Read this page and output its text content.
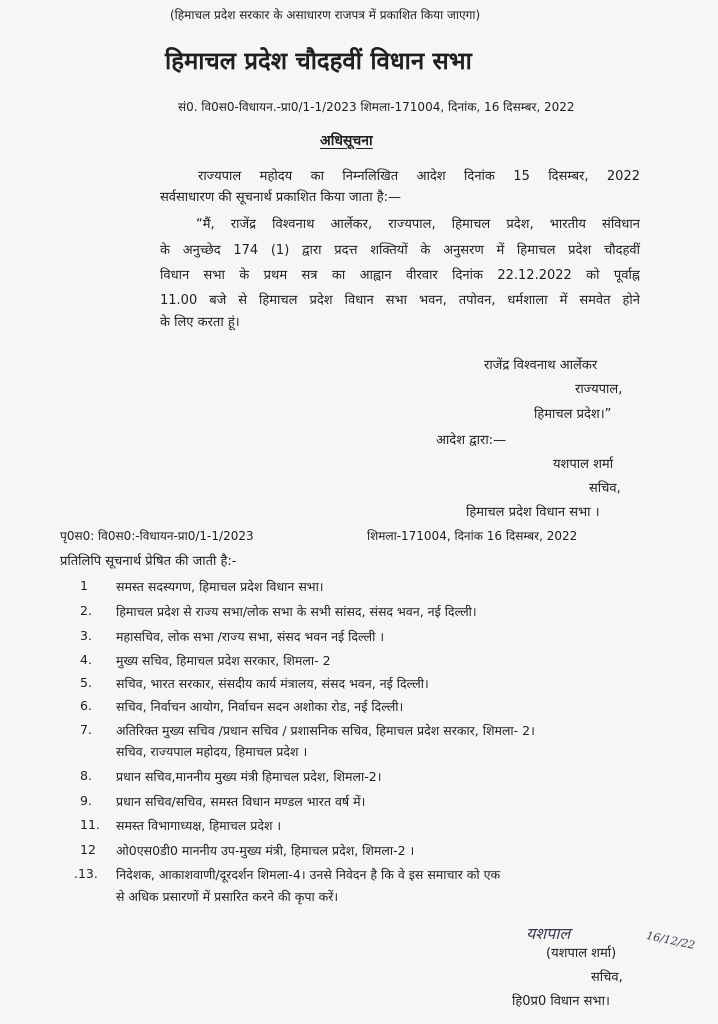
(हिमाचल प्रदेश सरकार के असाधारण राजपत्र में प्रकाशित किया जाएगा)
हिमाचल प्रदेश चौदहवीं विधान सभा
सं0. वि0स0-विधायन.-प्रा0/1-1/2023 शिमला-171004, दिनांक, 16 दिसम्बर, 2022
अधिसूचना
राज्यपाल महोदय का निम्नलिखित आदेश दिनांक 15 दिसम्बर, 2022
सर्वसाधारण की सूचनार्थ प्रकाशित किया जाता है:—
“मैं, राजेंद्र विश्वनाथ आर्लेकर, राज्यपाल, हिमाचल प्रदेश, भारतीय संविधान
के अनुच्छेद 174 (1) द्वारा प्रदत्त शक्तियों के अनुसरण में हिमाचल प्रदेश चौदहवीं
विधान सभा के प्रथम सत्र का आह्वान वीरवार दिनांक 22.12.2022 को पूर्वाह्न
11.00 बजे से हिमाचल प्रदेश विधान सभा भवन, तपोवन, धर्मशाला में समवेत होने
के लिए करता हूं।
राजेंद्र विश्वनाथ आर्लेकर
राज्यपाल,
हिमाचल प्रदेश।”
आदेश द्वारा:—
यशपाल शर्मा
सचिव,
हिमाचल प्रदेश विधान सभा ।
पृ0स0: वि0स0:-विधायन-प्रा0/1-1/2023	शिमला-171004, दिनांक 16 दिसम्बर, 2022
प्रतिलिपि सूचनार्थ प्रेषित की जाती है:-
1 समस्त सदस्यगण, हिमाचल प्रदेश विधान सभा।
2. हिमाचल प्रदेश से राज्य सभा/लोक सभा के सभी सांसद, संसद भवन, नई दिल्ली।
3. महासचिव, लोक सभा /राज्य सभा, संसद भवन नई दिल्ली ।
4. मुख्य सचिव, हिमाचल प्रदेश सरकार, शिमला- 2
5. सचिव, भारत सरकार, संसदीय कार्य मंत्रालय, संसद भवन, नई दिल्ली।
6. सचिव, निर्वाचन आयोग, निर्वाचन सदन अशोका रोड, नई दिल्ली।
7. अतिरिक्त मुख्य सचिव /प्रधान सचिव / प्रशासनिक सचिव, हिमाचल प्रदेश सरकार, शिमला- 2।
सचिव, राज्यपाल महोदय, हिमाचल प्रदेश ।
8. प्रधान सचिव,माननीय मुख्य मंत्री हिमाचल प्रदेश, शिमला-2।
9. प्रधान सचिव/सचिव, समस्त विधान मण्डल भारत वर्ष में।
11. समस्त विभागाध्यक्ष, हिमाचल प्रदेश ।
12 ओ0एस0डी0 माननीय उप-मुख्य मंत्री, हिमाचल प्रदेश, शिमला-2 ।
.13. निदेशक, आकाशवाणी/दूरदर्शन शिमला-4। उनसे निवेदन है कि वे इस समाचार को एक
से अधिक प्रसारणों में प्रसारित करने की कृपा करें।
यशपाल	16/12/22
(यशपाल शर्मा)
सचिव,
हि0प्र0 विधान सभा।
